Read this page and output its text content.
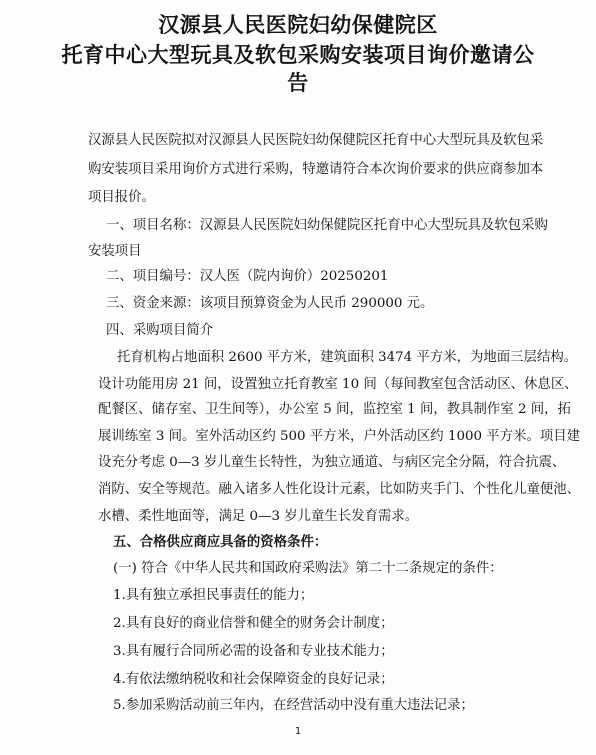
汉源县人民医院妇幼保健院区
托育中心大型玩具及软包采购安装项目询价邀请公
告
汉源县人民医院拟对汉源县人民医院妇幼保健院区托育中心大型玩具及软包采
购安装项目采用询价方式进行采购，特邀请符合本次询价要求的供应商参加本
项目报价。
一、项目名称：汉源县人民医院妇幼保健院区托育中心大型玩具及软包采购
安装项目
二、项目编号：汉人医（院内询价）20250201
三、资金来源：该项目预算资金为人民币 290000 元。
四、采购项目简介
托育机构占地面积 2600 平方米，建筑面积 3474 平方米，为地面三层结构。
设计功能用房 21 间，设置独立托育教室 10 间（每间教室包含活动区、休息区、
配餐区、储存室、卫生间等），办公室 5 间，监控室 1 间，教具制作室 2 间，拓
展训练室 3 间。室外活动区约 500 平方米，户外活动区约 1000 平方米。项目建
设充分考虑 0—3 岁儿童生长特性，为独立通道、与病区完全分隔，符合抗震、
消防、安全等规范。融入诸多人性化设计元素，比如防夹手门、个性化儿童便池、
水槽、柔性地面等，满足 0—3 岁儿童生长发育需求。
五、合格供应商应具备的资格条件：
(一) 符合《中华人民共和国政府采购法》第二十二条规定的条件：
1.具有独立承担民事责任的能力；
2.具有良好的商业信誉和健全的财务会计制度；
3.具有履行合同所必需的设备和专业技术能力；
4.有依法缴纳税收和社会保障资金的良好记录；
5.参加采购活动前三年内，在经营活动中没有重大违法记录；
1
